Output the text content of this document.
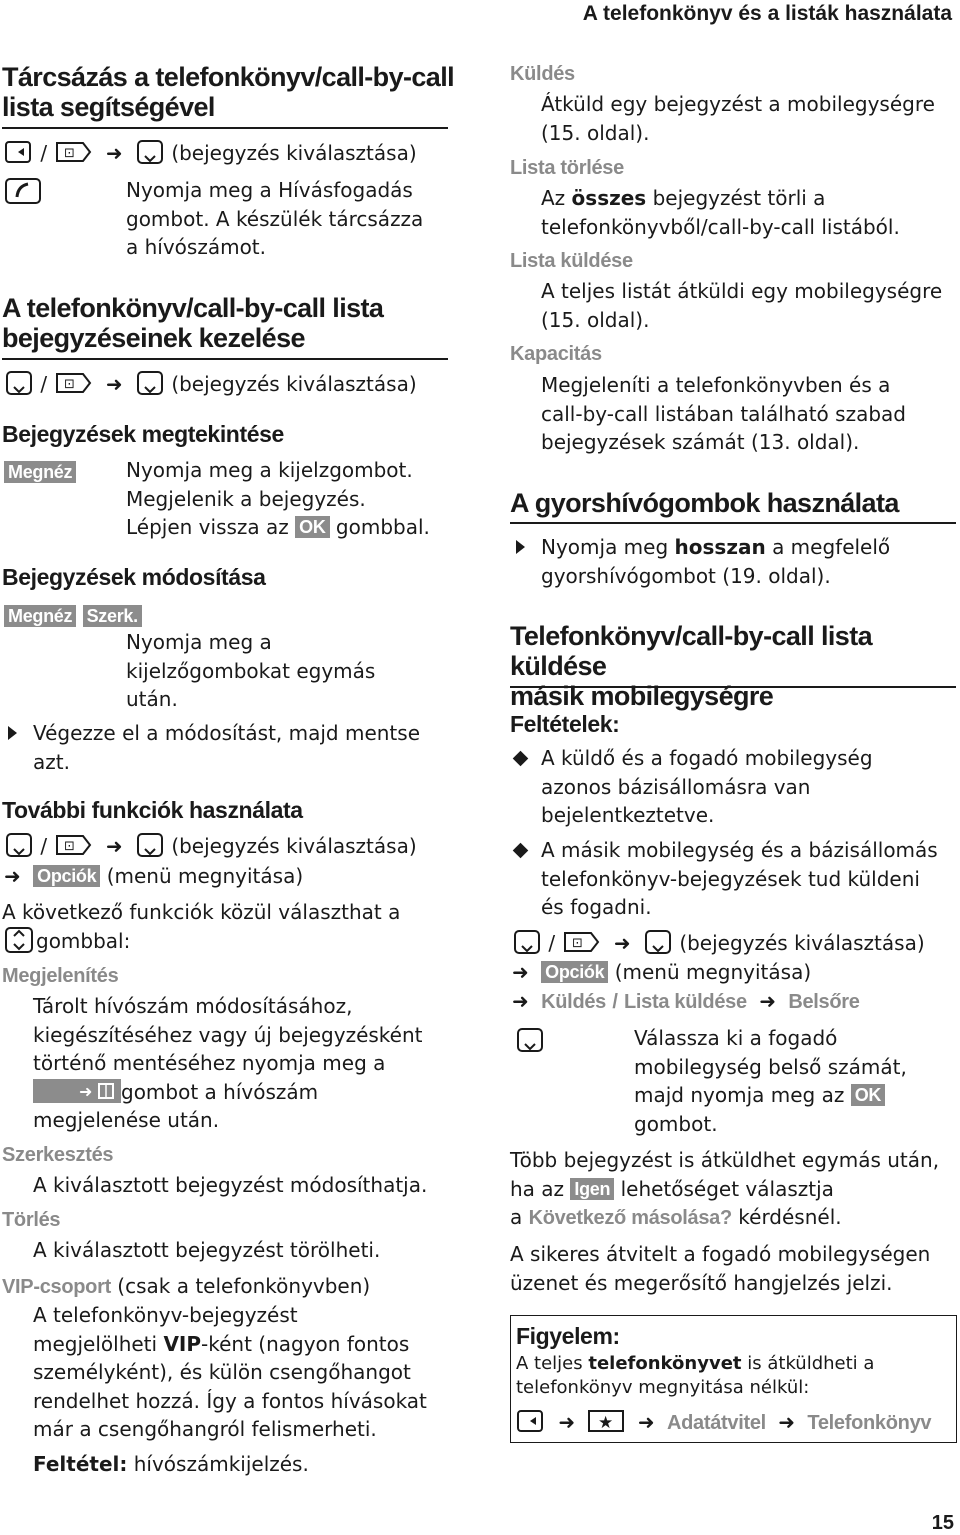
A telefonkönyv és a listák használata
Tárcsázás a telefonkönyv/call-by-call
lista segítségével
/ ⊡ ➜ (bejegyzés kiválasztása)
Nyomja meg a Hívásfogadás
gombot. A készülék tárcsázza
a hívószámot.
A telefonkönyv/call-by-call lista
bejegyzéseinek kezelése
/ ⊡ ➜ (bejegyzés kiválasztása)
Bejegyzések megtekintése
Megnéz	Nyomja meg a kijelzgombot.
Megjelenik a bejegyzés.
Lépjen vissza az OK gombbal.
Bejegyzések módosítása
Megnéz Szerk.
Nyomja meg a
kijelzőgombokat egymás
után.
Végezze el a módosítást, majd mentse
azt.
További funkciók használata
/ ⊡ ➜ (bejegyzés kiválasztása)
➜ Opciók (menü megnyitása)
A következő funkciók közül választhat a
gombbal:
Megjelenítés
Tárolt hívószám módosításához,
kiegészítéséhez vagy új bejegyzésként
történő mentéséhez nyomja meg a
➜ gombot a hívószám
megjelenése után.
Szerkesztés
A kiválasztott bejegyzést módosíthatja.
Törlés
A kiválasztott bejegyzést törölheti.
VIP-csoport (csak a telefonkönyvben)
A telefonkönyv-bejegyzést
megjelölheti VIP-ként (nagyon fontos
személyként), és külön csengőhangot
rendelhet hozzá. Így a fontos hívásokat
már a csengőhangról felismerheti.
Feltétel: hívószámkijelzés.
Küldés
Átküld egy bejegyzést a mobilegységre
(15. oldal).
Lista törlése
Az összes bejegyzést törli a
telefonkönyvből/call-by-call listából.
Lista küldése
A teljes listát átküldi egy mobilegységre
(15. oldal).
Kapacitás
Megjeleníti a telefonkönyvben és a
call-by-call listában található szabad
bejegyzések számát (13. oldal).
A gyorshívógombok használata
Nyomja meg hosszan a megfelelő
gyorshívógombot (19. oldal).
Telefonkönyv/call-by-call lista küldése
másik mobilegységre
Feltételek:
A küldő és a fogadó mobilegység
azonos bázisállomásra van
bejelentkeztetve.
A másik mobilegység és a bázisállomás
telefonkönyv-bejegyzések tud küldeni
és fogadni.
/ ⊡ ➜ (bejegyzés kiválasztása)
➜ Opciók (menü megnyitása)
➜ Küldés / Lista küldése ➜ Belsőre
Válassza ki a fogadó
mobilegység belső számát,
majd nyomja meg az OK
gombot.
Több bejegyzést is átküldhet egymás után,
ha az Igen lehetőséget választja
a Következő másolása? kérdésnél.
A sikeres átvitelt a fogadó mobilegységen
üzenet és megerősítő hangjelzés jelzi.
Figyelem:
A teljes telefonkönyvet is átküldheti a
telefonkönyv megnyitása nélkül:
➜ ★ ➜ Adatátvitel ➜ Telefonkönyv
15
